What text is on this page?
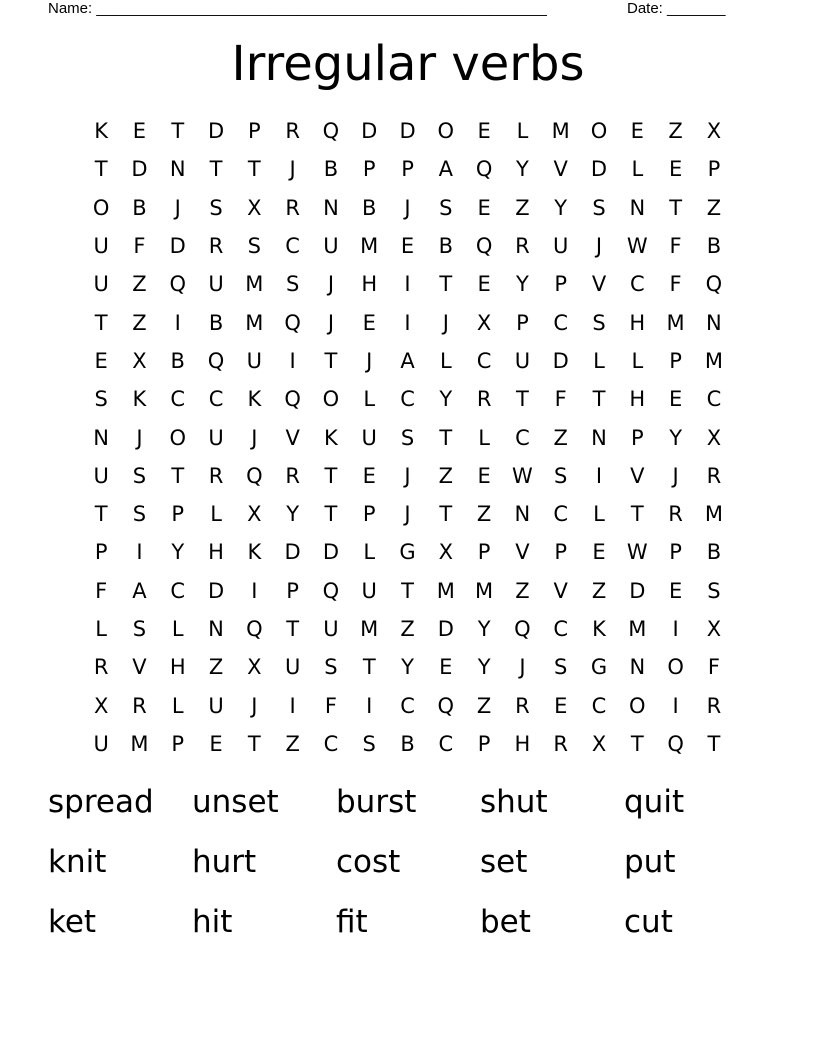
Name: ______________________________________________________	Date: _______
Irregular verbs
K	E	T	D	P	R	Q	D	D	O	E	L	M O	E	Z	X
T	D	N	T	T	J	B	P	P	A	Q	Y	V	D	L	E	P
O	B	J	S	X	R	N	B	J	S	E	Z	Y	S	N	T	Z
U	F	D	R	S	C	U	M	E	B	Q	R	U	J	W	F	B
U	Z	Q	U	M	S	J	H	I	T	E	Y	P	V	C	F	Q
T	Z	I	B	M Q	J	E	I	J	X	P	C	S	H	M	N
E	X	B	Q	U	I	T	J	A	L	C	U	D	L	L	P	M
S	K	C	C	K	Q	O	L	C	Y	R	T	F	T	H	E	C
N	J	O	U	J	V	K	U	S	T	L	C	Z	N	P	Y	X
U	S	T	R	Q	R	T	E	J	Z	E	W	S	I	V	J	R
T	S	P	L	X	Y	T	P	J	T	Z	N	C	L	T	R	M
P	I	Y	H	K	D	D	L	G	X	P	V	P	E	W	P	B
F	A	C	D	I	P	Q	U	T	M M	Z	V	Z	D	E	S
L	S	L	N	Q	T	U	M	Z	D	Y	Q	C	K	M	I	X
R	V	H	Z	X	U	S	T	Y	E	Y	J	S	G	N	O	F
X	R	L	U	J	I	F	I	C	Q	Z	R	E	C	O	I	R
U	M	P	E	T	Z	C	S	B	C	P	H	R	X	T	Q	T
spread	unset	burst	shut	quit
knit	hurt	cost	set	put
ket	hit	fit	bet	cut
